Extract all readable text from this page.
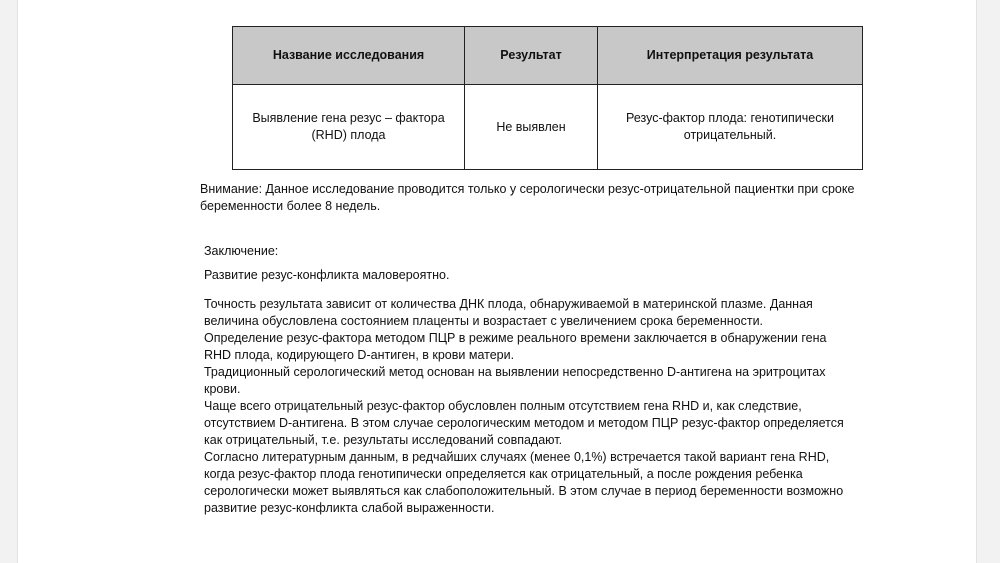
Название исследования	Результат	Интерпретация результата
Выявление гена резус – фактора (RHD) плода	Не выявлен	Резус-фактор плода: генотипически отрицательный.
Внимание: Данное исследование проводится только у серологически резус-отрицательной пациентки при сроке беременности более 8 недель.

Заключение:

Развитие резус-конфликта маловероятно.

Точность результата зависит от количества ДНК плода, обнаруживаемой в материнской плазме. Данная величина обусловлена состоянием плаценты и возрастает с увеличением срока беременности.

Определение резус-фактора методом ПЦР в режиме реального времени заключается в обнаружении гена RHD плода, кодирующего D-антиген, в крови матери.

Традиционный серологический метод основан на выявлении непосредственно D-антигена на эритроцитах крови.

Чаще всего отрицательный резус-фактор обусловлен полным отсутствием гена RHD и, как следствие, отсутствием D-антигена. В этом случае серологическим методом и методом ПЦР резус-фактор определяется как отрицательный, т.е. результаты исследований совпадают.

Согласно литературным данным, в редчайших случаях (менее 0,1%) встречается такой вариант гена RHD, когда резус-фактор плода генотипически определяется как отрицательный, а после рождения ребенка серологически может выявляться как слабоположительный. В этом случае в период беременности возможно развитие резус-конфликта слабой выраженности.
